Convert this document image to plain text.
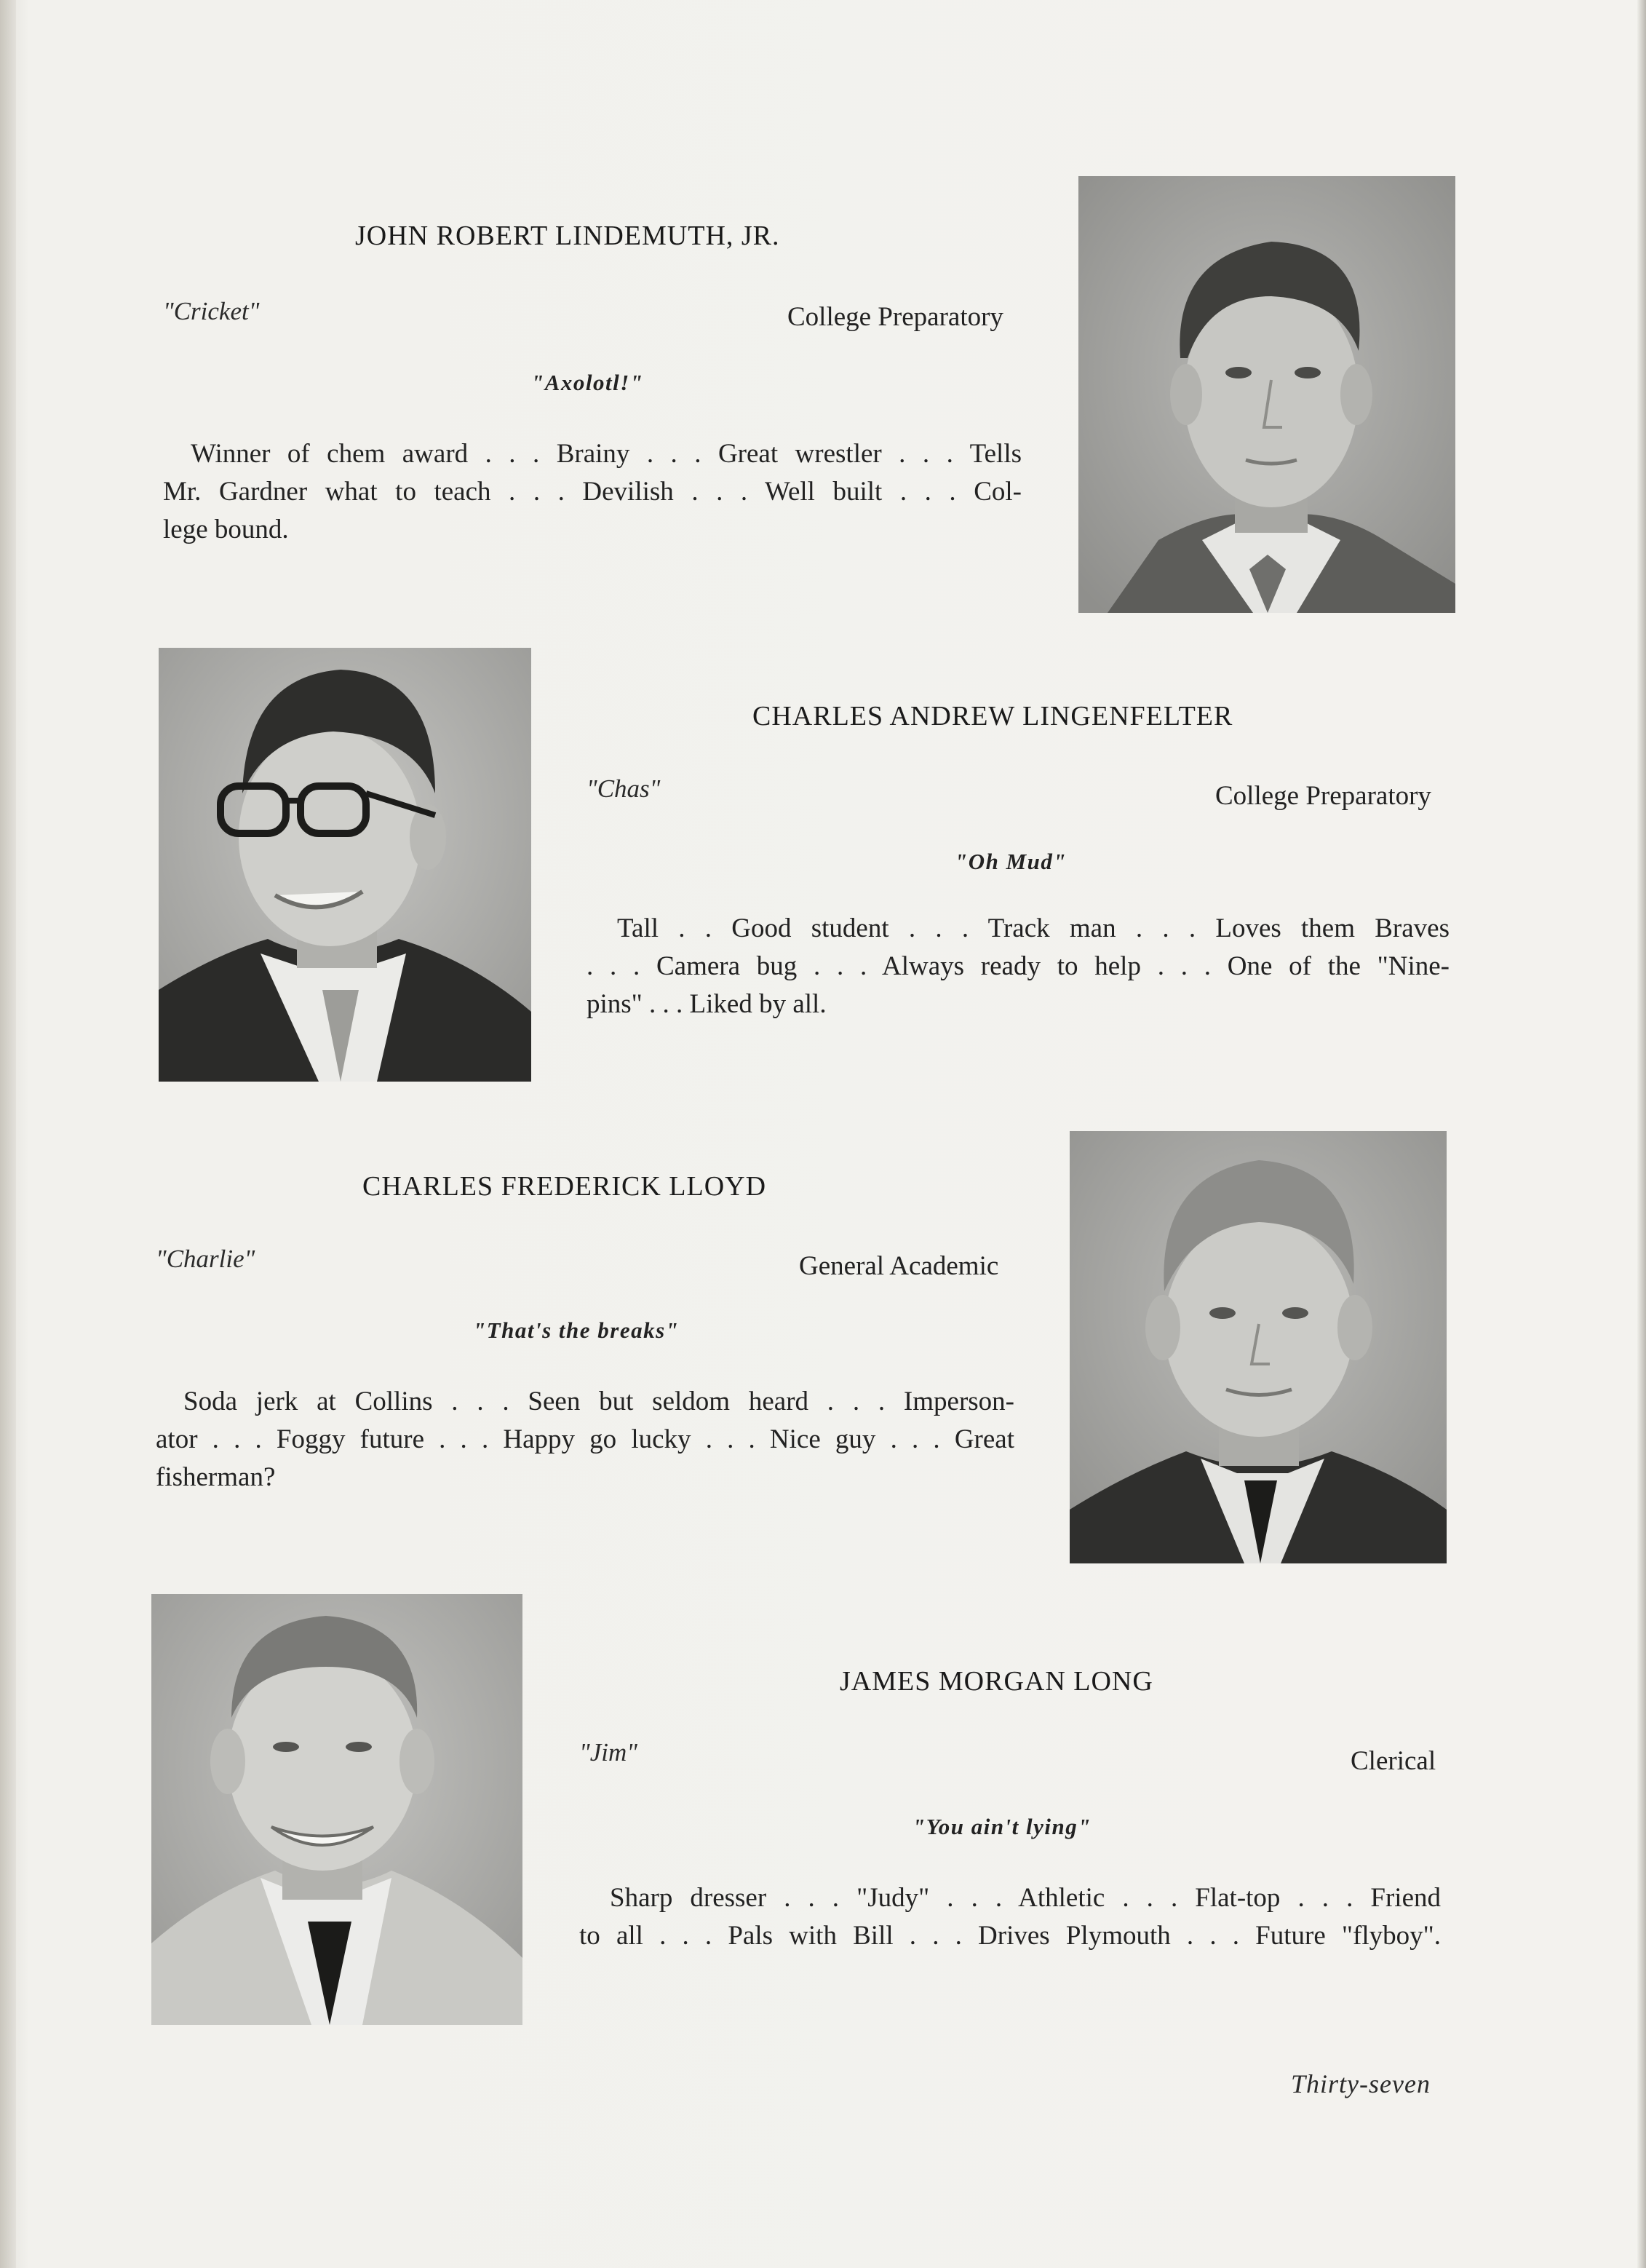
JOHN ROBERT LINDEMUTH, JR.
"Cricket"	College Preparatory
"Axolotl!"
Winner of chem award . . . Brainy . . . Great wrestler . . . Tells
Mr. Gardner what to teach . . . Devilish . . . Well built . . . Col-
lege bound.
CHARLES ANDREW LINGENFELTER
"Chas"	College Preparatory
"Oh Mud"
Tall . . Good student . . . Track man . . . Loves them Braves
. . . Camera bug . . . Always ready to help . . . One of the "Nine-
pins" . . . Liked by all.
CHARLES FREDERICK LLOYD
"Charlie"	General Academic
"That's the breaks"
Soda jerk at Collins . . . Seen but seldom heard . . . Imperson-
ator . . . Foggy future . . . Happy go lucky . . . Nice guy . . . Great
fisherman?
JAMES MORGAN LONG
"Jim"	Clerical
"You ain't lying"
Sharp dresser . . . "Judy" . . . Athletic . . . Flat-top . . . Friend
to all . . . Pals with Bill . . . Drives Plymouth . . . Future "flyboy".
Thirty-seven
